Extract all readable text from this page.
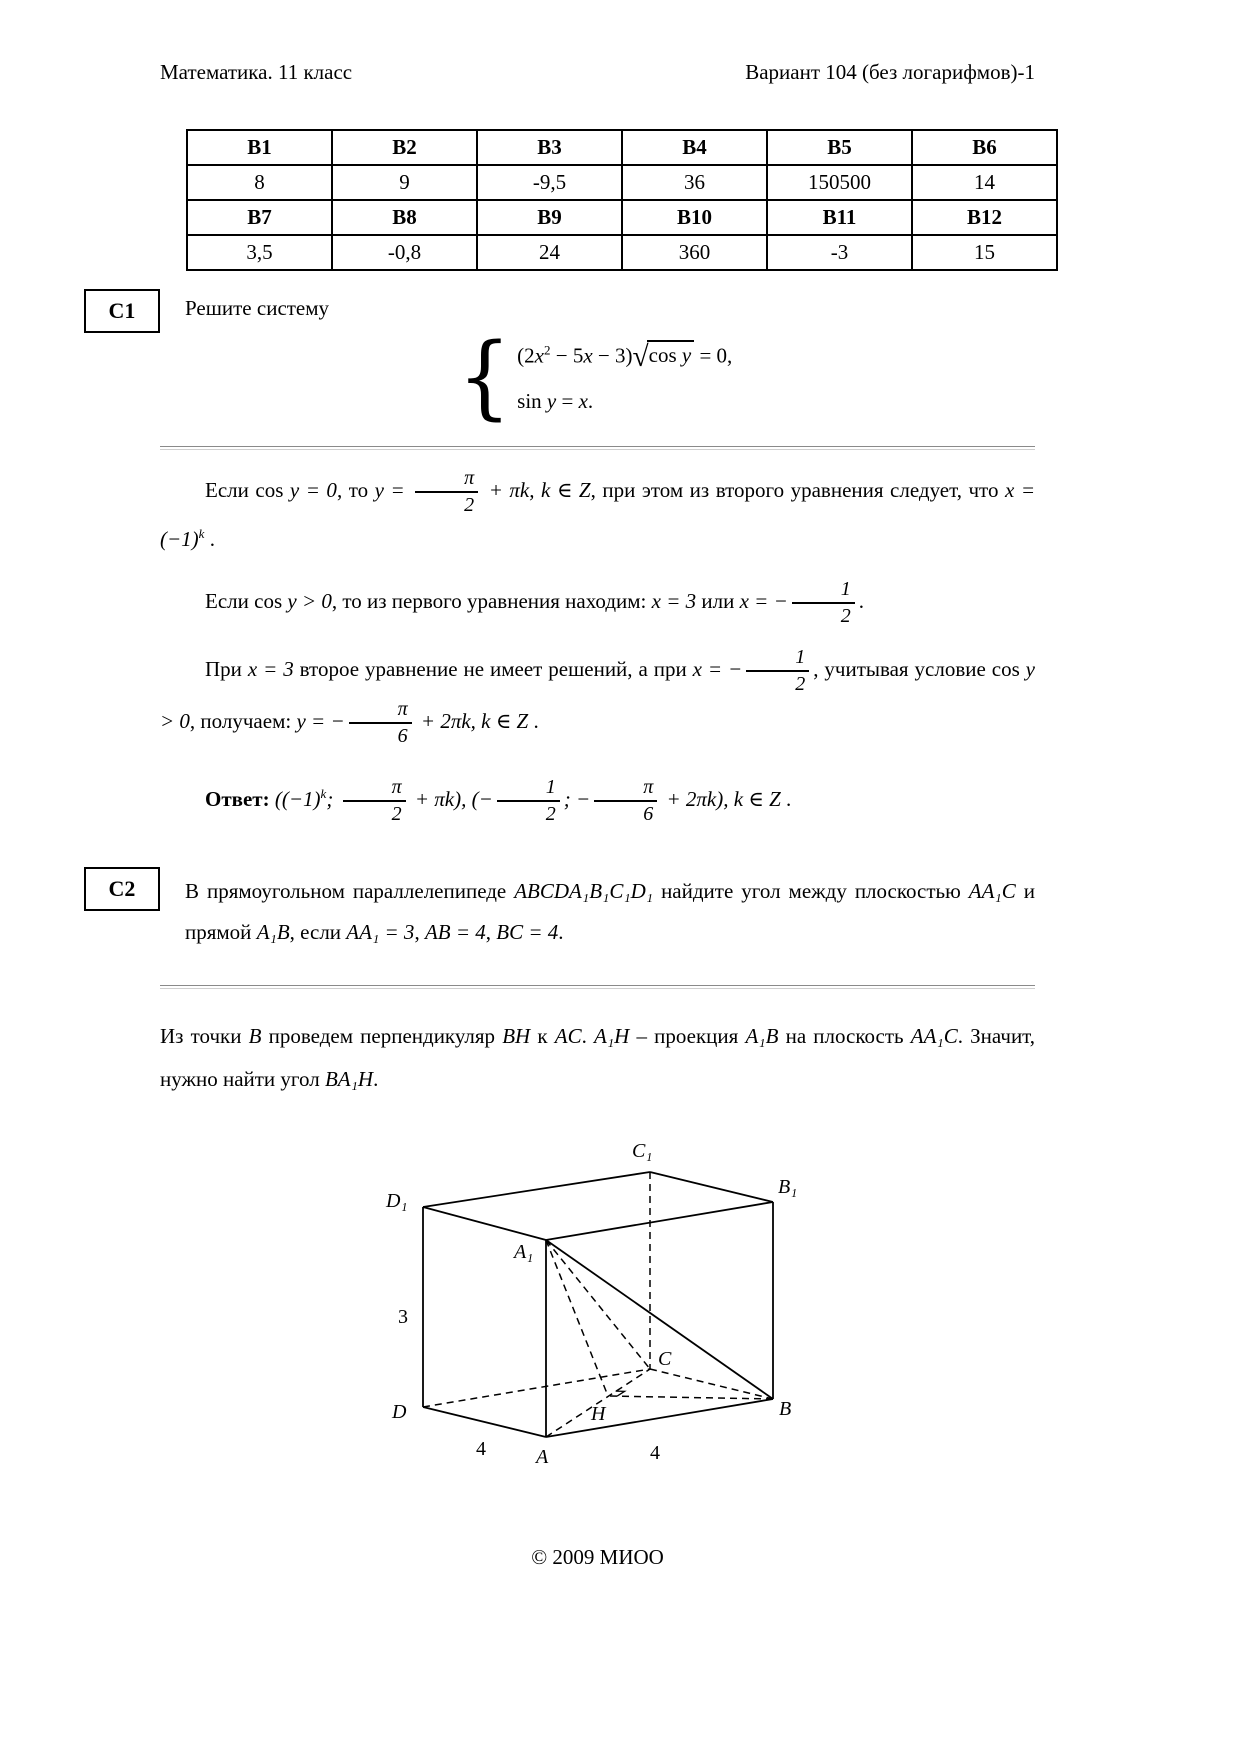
Математика. 11 класс	Вариант 104 (без логарифмов)-1
В1	В2	В3	В4	В5	В6
8	9	-9,5	36	150500	14
В7	В8	В9	В10	В11	В12
3,5	-0,8	24	360	-3	15
С1 Решите систему

{ $(2x^2 - 5x - 3)√\cos$ y = 0,
sin y = x.

Если cos y = 0, то $y = \frac{\pi}{2} + \pi k$, k ∈ Z, при этом из второго уравнения следует, что $x = (-1)^k$ .

Если cos y > 0, то из первого уравнения находим: x = 3 или x = − $\frac{1}{2}$ .

При x = 3 второе уравнение не имеет решений, а при x = − $\frac{1}{2}$ , учитывая условие cos y > 0, получаем: y = − $\frac{\pi}{6} + 2\pi k$, k ∈ Z .

Ответ: ($(-1)^k$; $\frac{\pi}{2} + \pi k$), (− $\frac{1}{2}$ ; − $\frac{\pi}{6} + 2\pi k$), k ∈ Z .

С2 В прямоугольном параллелепипеде ABCDA₁B₁C₁D₁ найдите угол между плоскостью AA₁C и прямой A₁B, если AA₁ = 3, AB = 4, BC = 4.

Из точки B проведем перпендикуляр BH к AC. A₁H – проекция A₁B на плоскость AA₁C. Значит, нужно найти угол BA₁H.

C₁
D₁
B₁
A₁
D
C
B
A
H
3
4	4
© 2009 МИОО
